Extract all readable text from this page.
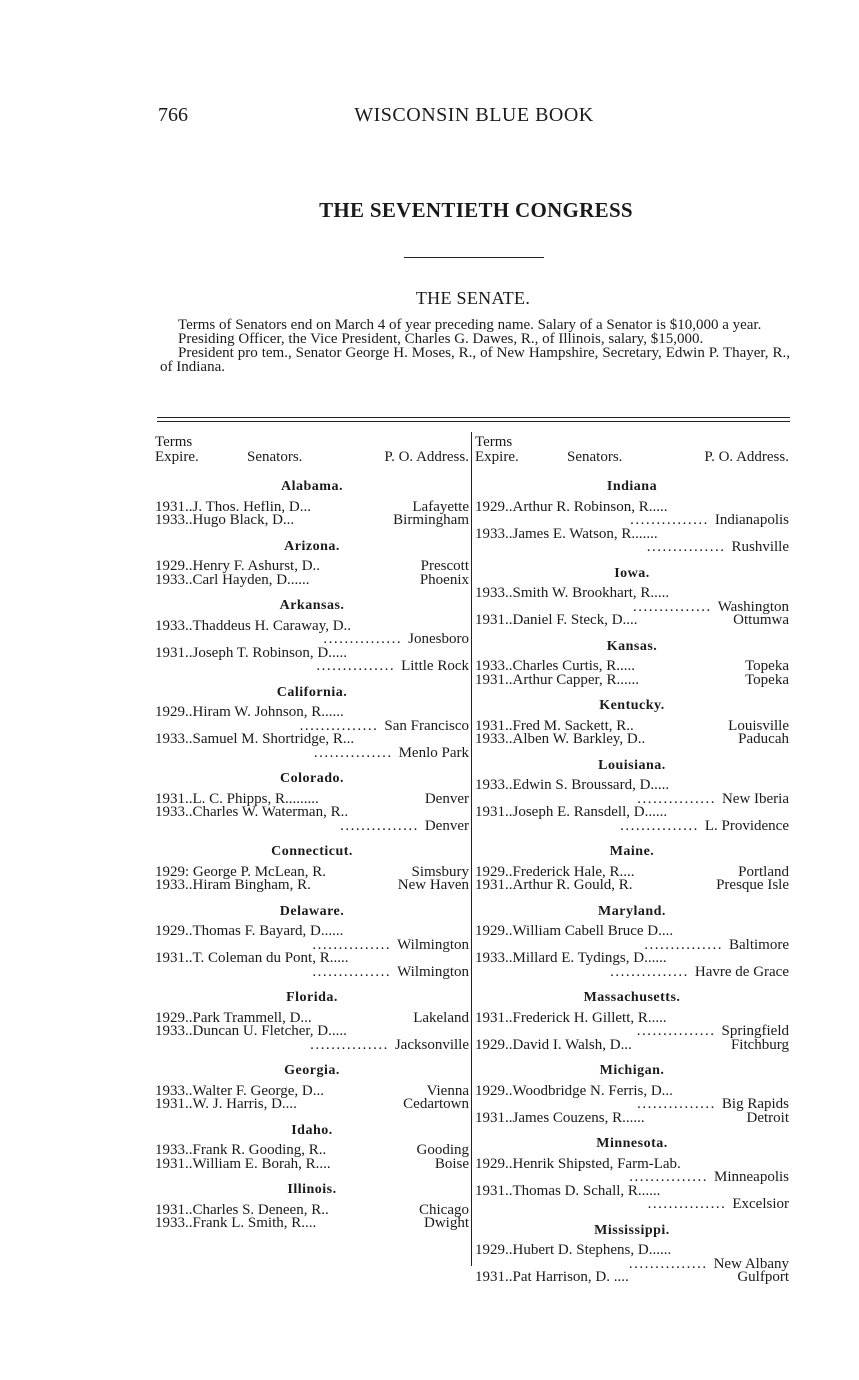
766	WISCONSIN BLUE BOOK
THE SEVENTIETH CONGRESS
THE SENATE.

Terms of Senators end on March 4 of year preceding name. Salary of a Senator is $10,000 a year.

Presiding Officer, the Vice President, Charles G. Dawes, R., of Illinois, salary, $15,000.

President pro tem., Senator George H. Moses, R., of New Hampshire, Secretary, Edwin P. Thayer, R., of Indiana.

Terms
Expire.	Senators.	P. O. Address.
Alabama.
1931..J. Thos. Heflin, D...	Lafayette
1933..Hugo Black, D...	Birmingham
Arizona.
1929..Henry F. Ashurst, D..	Prescott
1933..Carl Hayden, D......	Phoenix
Arkansas.
1933..Thaddeus H. Caraway, D..
............... Jonesboro
1931..Joseph T. Robinson, D.....
............... Little Rock
California.
1929..Hiram W. Johnson, R......
............... San Francisco
1933..Samuel M. Shortridge, R...
............... Menlo Park
Colorado.
1931..L. C. Phipps, R.........	Denver
1933..Charles W. Waterman, R..
............... Denver
Connecticut.
1929: George P. McLean, R.	Simsbury
1933..Hiram Bingham, R.	New Haven
Delaware.
1929..Thomas F. Bayard, D......
............... Wilmington
1931..T. Coleman du Pont, R.....
............... Wilmington
Florida.
1929..Park Trammell, D...	Lakeland
1933..Duncan U. Fletcher, D.....
............... Jacksonville
Georgia.
1933..Walter F. George, D...	Vienna
1931..W. J. Harris, D....	Cedartown
Idaho.
1933..Frank R. Gooding, R..	Gooding
1931..William E. Borah, R....	Boise
Illinois.
1931..Charles S. Deneen, R..	Chicago
1933..Frank L. Smith, R....	Dwight
Terms
Expire.	Senators.	P. O. Address.
Indiana
1929..Arthur R. Robinson, R.....
............... Indianapolis
1933..James E. Watson, R.......
............... Rushville
Iowa.
1933..Smith W. Brookhart, R.....
............... Washington
1931..Daniel F. Steck, D....	Ottumwa
Kansas.
1933..Charles Curtis, R.....	Topeka
1931..Arthur Capper, R......	Topeka
Kentucky.
1931..Fred M. Sackett, R..	Louisville
1933..Alben W. Barkley, D..	Paducah
Louisiana.
1933..Edwin S. Broussard, D.....
............... New Iberia
1931..Joseph E. Ransdell, D......
............... L. Providence
Maine.
1929..Frederick Hale, R....	Portland
1931..Arthur R. Gould, R.	Presque Isle
Maryland.
1929..William Cabell Bruce D....
............... Baltimore
1933..Millard E. Tydings, D......
............... Havre de Grace
Massachusetts.
1931..Frederick H. Gillett, R.....
............... Springfield
1929..David I. Walsh, D...	Fitchburg
Michigan.
1929..Woodbridge N. Ferris, D...
............... Big Rapids
1931..James Couzens, R......	Detroit
Minnesota.
1929..Henrik Shipsted, Farm-Lab.
............... Minneapolis
1931..Thomas D. Schall, R......
............... Excelsior
Mississippi.
1929..Hubert D. Stephens, D......
............... New Albany
1931..Pat Harrison, D. ....	Gulfport
